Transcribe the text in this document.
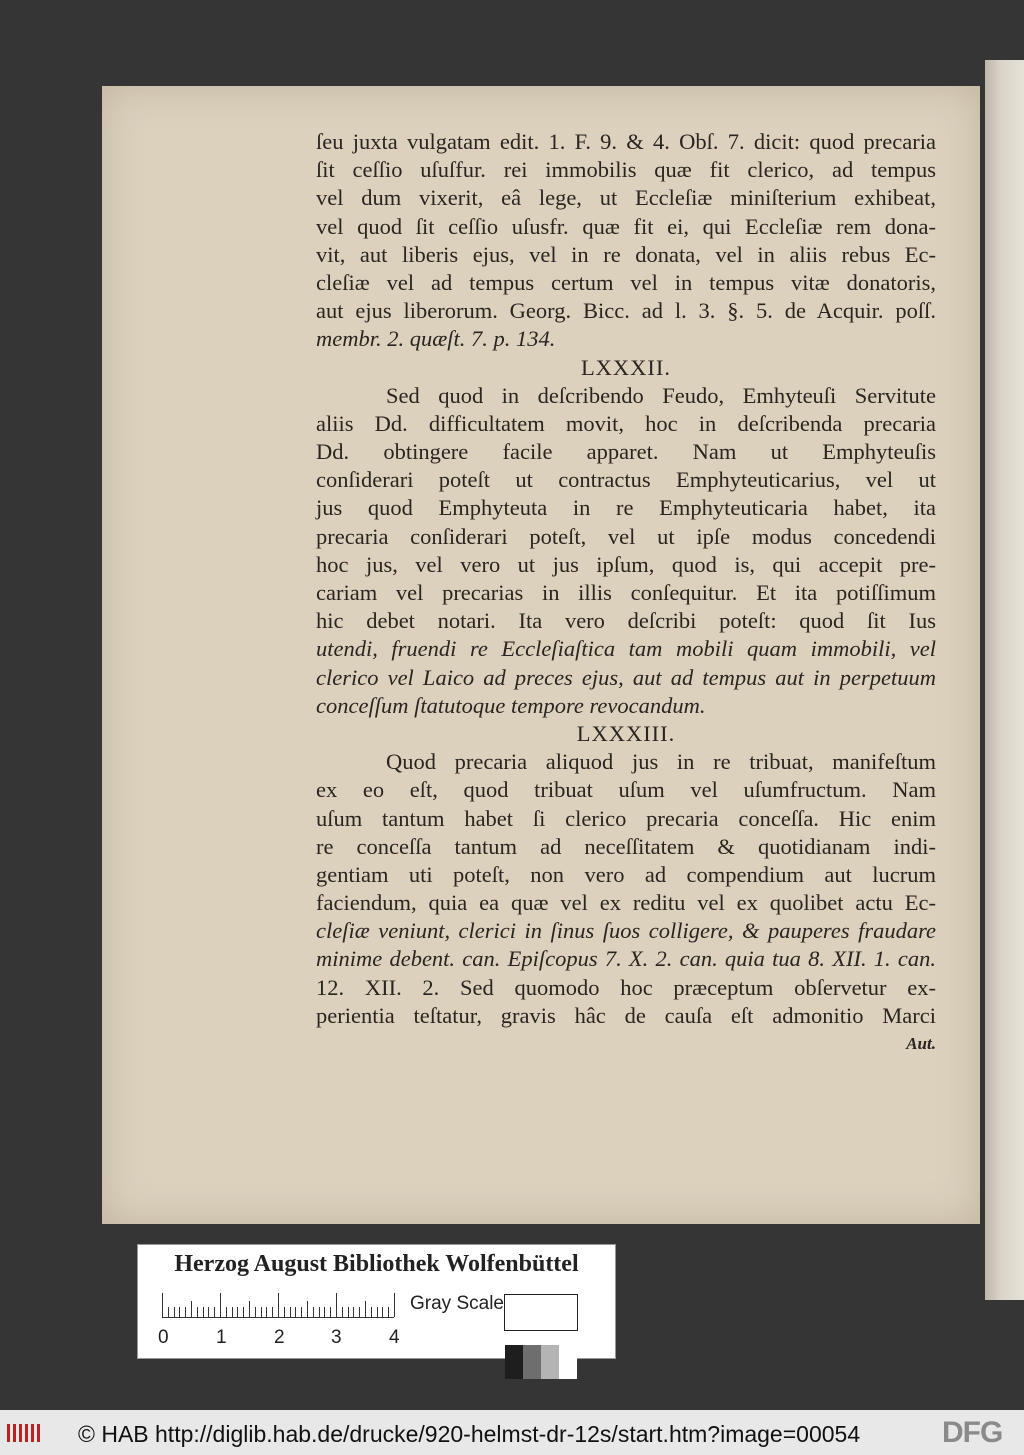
ſeu juxta vulgatam edit. 1. F. 9. & 4. Obſ. 7. dicit: quod precaria
ſit ceſſio uſuſfur. rei immobilis quæ fit clerico, ad tempus
vel dum vixerit, eâ lege, ut Eccleſiæ miniſterium exhibeat,
vel quod ſit ceſſio uſusfr. quæ fit ei, qui Eccleſiæ rem dona-
vit, aut liberis ejus, vel in re donata, vel in aliis rebus Ec-
cleſiæ vel ad tempus certum vel in tempus vitæ donatoris,
aut ejus liberorum. Georg. Bicc. ad l. 3. §. 5. de Acquir. poſſ.
membr. 2. quæſt. 7. p. 134.
LXXXII.
Sed quod in deſcribendo Feudo, Emhyteuſi Servitute
aliis Dd. difficultatem movit, hoc in deſcribenda precaria
Dd. obtingere facile apparet. Nam ut Emphyteuſis
conſiderari poteſt ut contractus Emphyteuticarius, vel ut
jus quod Emphyteuta in re Emphyteuticaria habet, ita
precaria conſiderari poteſt, vel ut ipſe modus concedendi
hoc jus, vel vero ut jus ipſum, quod is, qui accepit pre-
cariam vel precarias in illis conſequitur. Et ita potiſſimum
hic debet notari. Ita vero deſcribi poteſt: quod ſit Ius
utendi, fruendi re Eccleſiaſtica tam mobili quam immobili, vel
clerico vel Laico ad preces ejus, aut ad tempus aut in perpetuum
conceſſum ſtatutoque tempore revocandum.
LXXXIII.
Quod precaria aliquod jus in re tribuat, manifeſtum
ex eo eſt, quod tribuat uſum vel uſumfructum. Nam
uſum tantum habet ſi clerico precaria conceſſa. Hic enim
re conceſſa tantum ad neceſſitatem & quotidianam indi-
gentiam uti poteſt, non vero ad compendium aut lucrum
faciendum, quia ea quæ vel ex reditu vel ex quolibet actu Ec-
cleſiæ veniunt, clerici in ſinus ſuos colligere, & pauperes fraudare
minime debent. can. Epiſcopus 7. X. 2. can. quia tua 8. XII. 1. can.
12. XII. 2. Sed quomodo hoc præceptum obſervetur ex-
perientia teſtatur, gravis hâc de cauſa eſt admonitio Marci
Aut.
Herzog August Bibliothek Wolfenbüttel
0 1 2 3 4
Gray Scale
© HAB http://diglib.hab.de/drucke/920-helmst-dr-12s/start.htm?image=00054	DFG
